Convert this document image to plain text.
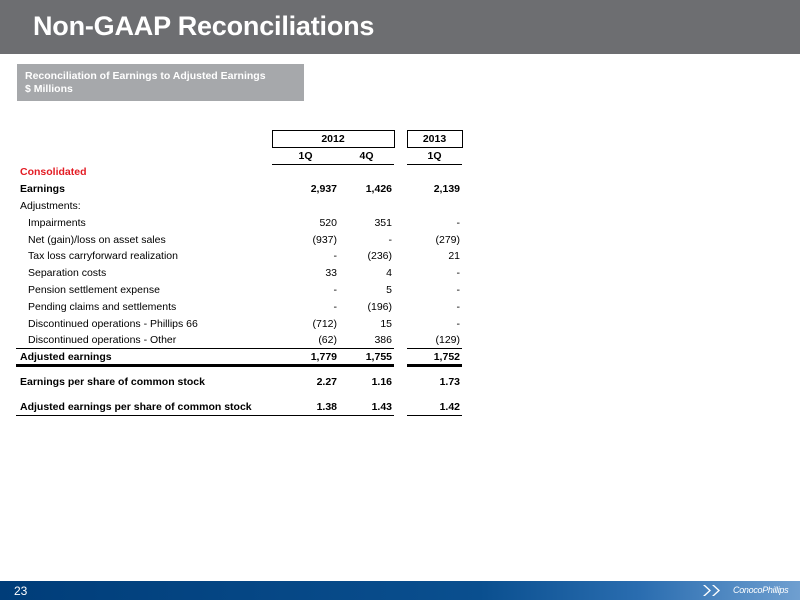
Non-GAAP Reconciliations
Reconciliation of Earnings to Adjusted Earnings
$ Millions
	2012			2013
	1Q	4Q		1Q
Consolidated				
Earnings	2,937	1,426		2,139
Adjustments:				
Impairments	520	351		-
Net (gain)/loss on asset sales	(937)	-		(279)
Tax loss carryforward realization	-	(236)		21
Separation costs	33	4		-
Pension settlement expense	-	5		-
Pending claims and settlements	-	(196)		-
Discontinued operations - Phillips 66	(712)	15		-
Discontinued operations - Other	(62)	386		(129)
Adjusted earnings	1,779	1,755		1,752

Earnings per share of common stock	2.27	1.16		1.73

Adjusted earnings per share of common stock	1.38	1.43		1.42
23	ConocoPhillips
